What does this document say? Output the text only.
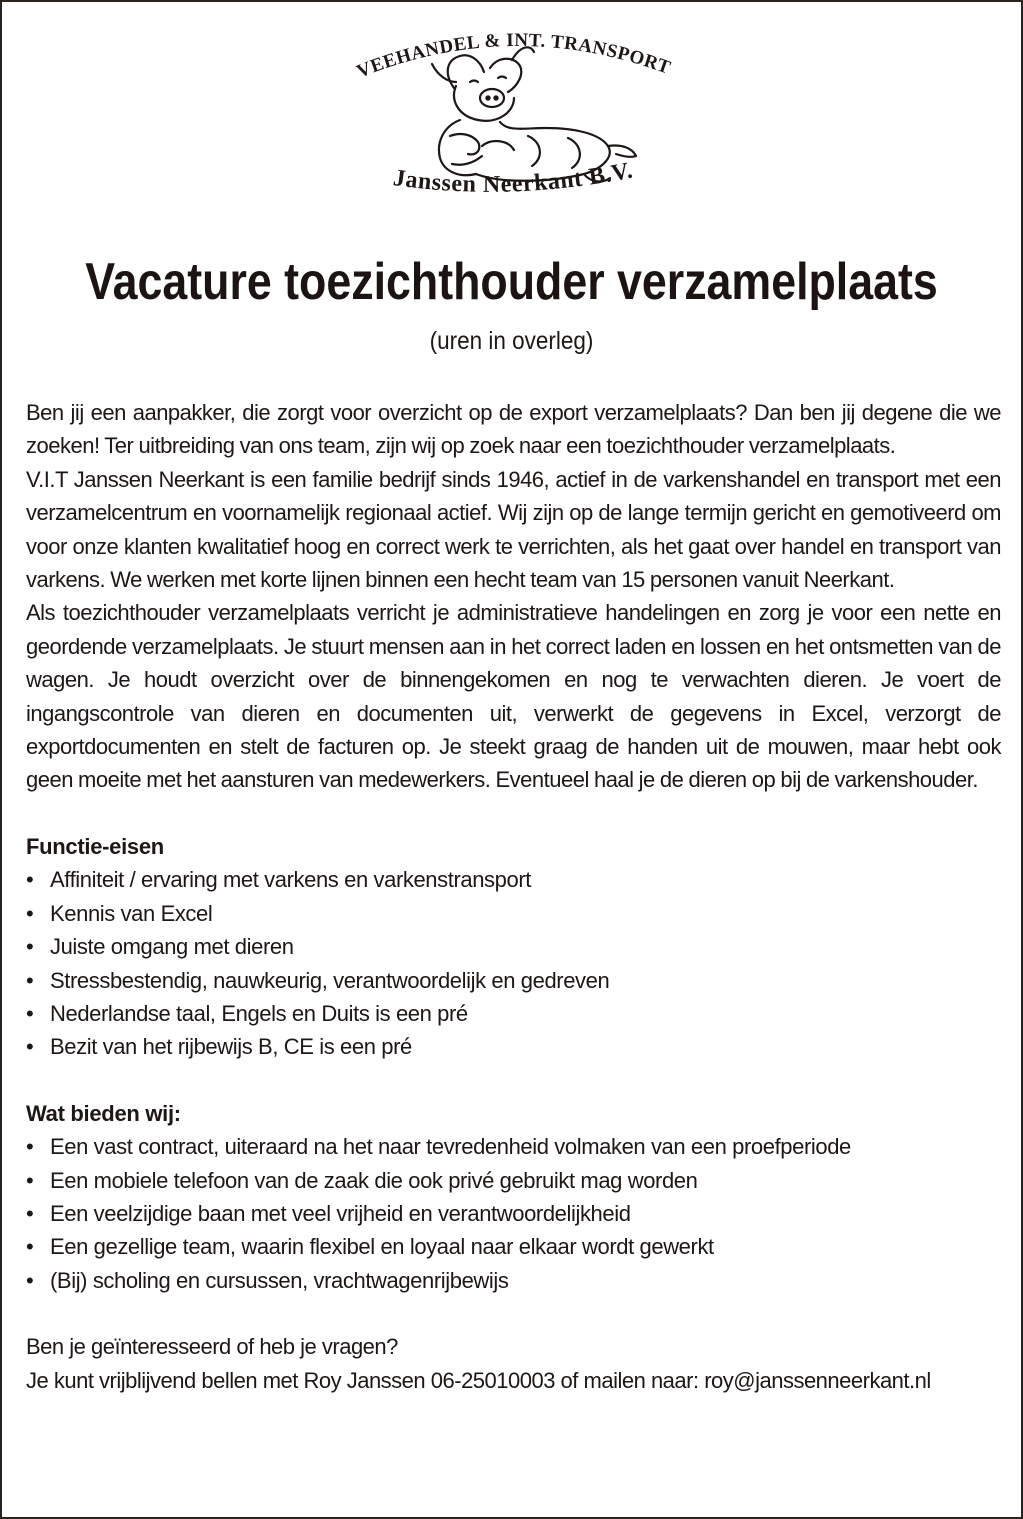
VEEHANDEL & INT. TRANSPORT
Janssen Neerkant B.V.
Vacature toezichthouder verzamelplaats
(uren in overleg)

Ben jij een aanpakker, die zorgt voor overzicht op de export verzamelplaats? Dan ben jij degene die we zoeken! Ter uitbreiding van ons team, zijn wij op zoek naar een toezichthouder verzamelplaats.

V.I.T Janssen Neerkant is een familie bedrijf sinds 1946, actief in de varkenshandel en transport met een verzamelcentrum en voornamelijk regionaal actief. Wij zijn op de lange termijn gericht en gemotiveerd om voor onze klanten kwalitatief hoog en correct werk te verrichten, als het gaat over handel en transport van varkens. We werken met korte lijnen binnen een hecht team van 15 personen vanuit Neerkant.

Als toezichthouder verzamelplaats verricht je administratieve handelingen en zorg je voor een nette en geordende verzamelplaats. Je stuurt mensen aan in het correct laden en lossen en het ontsmetten van de wagen. Je houdt overzicht over de binnengekomen en nog te verwachten dieren. Je voert de ingangscontrole van dieren en documenten uit, verwerkt de gegevens in Excel, verzorgt de exportdocumenten en stelt de facturen op. Je steekt graag de handen uit de mouwen, maar hebt ook geen moeite met het aansturen van medewerkers. Eventueel haal je de dieren op bij de varkenshouder.

Functie-eisen

• Affiniteit / ervaring met varkens en varkenstransport
• Kennis van Excel
• Juiste omgang met dieren
• Stressbestendig, nauwkeurig, verantwoordelijk en gedreven
• Nederlandse taal, Engels en Duits is een pré
• Bezit van het rijbewijs B, CE is een pré

Wat bieden wij:

• Een vast contract, uiteraard na het naar tevredenheid volmaken van een proefperiode
• Een mobiele telefoon van de zaak die ook privé gebruikt mag worden
• Een veelzijdige baan met veel vrijheid en verantwoordelijkheid
• Een gezellige team, waarin flexibel en loyaal naar elkaar wordt gewerkt
• (Bij) scholing en cursussen, vrachtwagenrijbewijs
Ben je geïnteresseerd of heb je vragen?
Je kunt vrijblijvend bellen met Roy Janssen 06-25010003 of mailen naar: roy@janssenneerkant.nl
